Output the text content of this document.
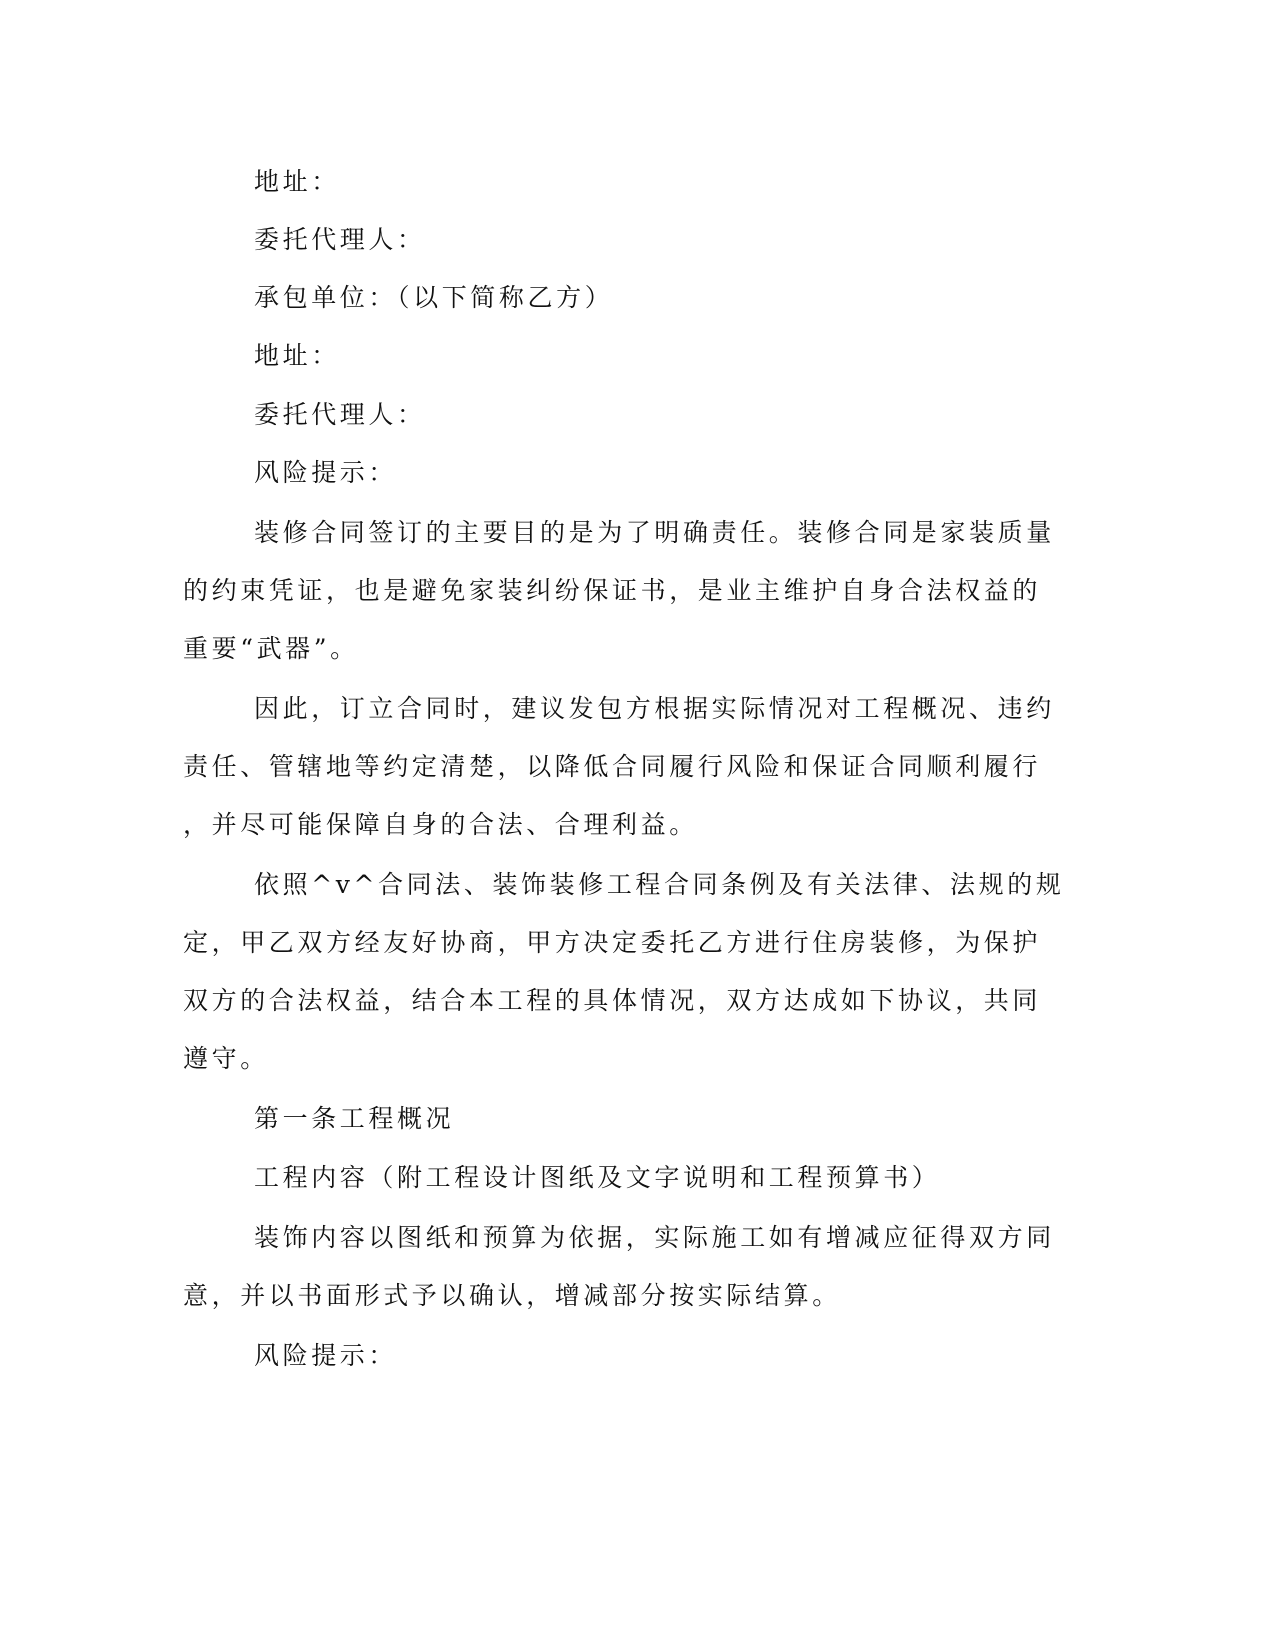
地址：

委托代理人：

承包单位：（以下简称乙方）

地址：

委托代理人：

风险提示：

装修合同签订的主要目的是为了明确责任。装修合同是家装质量

的约束凭证，也是避免家装纠纷保证书，是业主维护自身合法权益的

重要“武器”。

因此，订立合同时，建议发包方根据实际情况对工程概况、违约

责任、管辖地等约定清楚，以降低合同履行风险和保证合同顺利履行

，并尽可能保障自身的合法、合理利益。

依照^v^合同法、装饰装修工程合同条例及有关法律、法规的规

定，甲乙双方经友好协商，甲方决定委托乙方进行住房装修，为保护

双方的合法权益，结合本工程的具体情况，双方达成如下协议，共同

遵守。

第一条工程概况

工程内容（附工程设计图纸及文字说明和工程预算书）

装饰内容以图纸和预算为依据，实际施工如有增减应征得双方同

意，并以书面形式予以确认，增减部分按实际结算。

风险提示：
